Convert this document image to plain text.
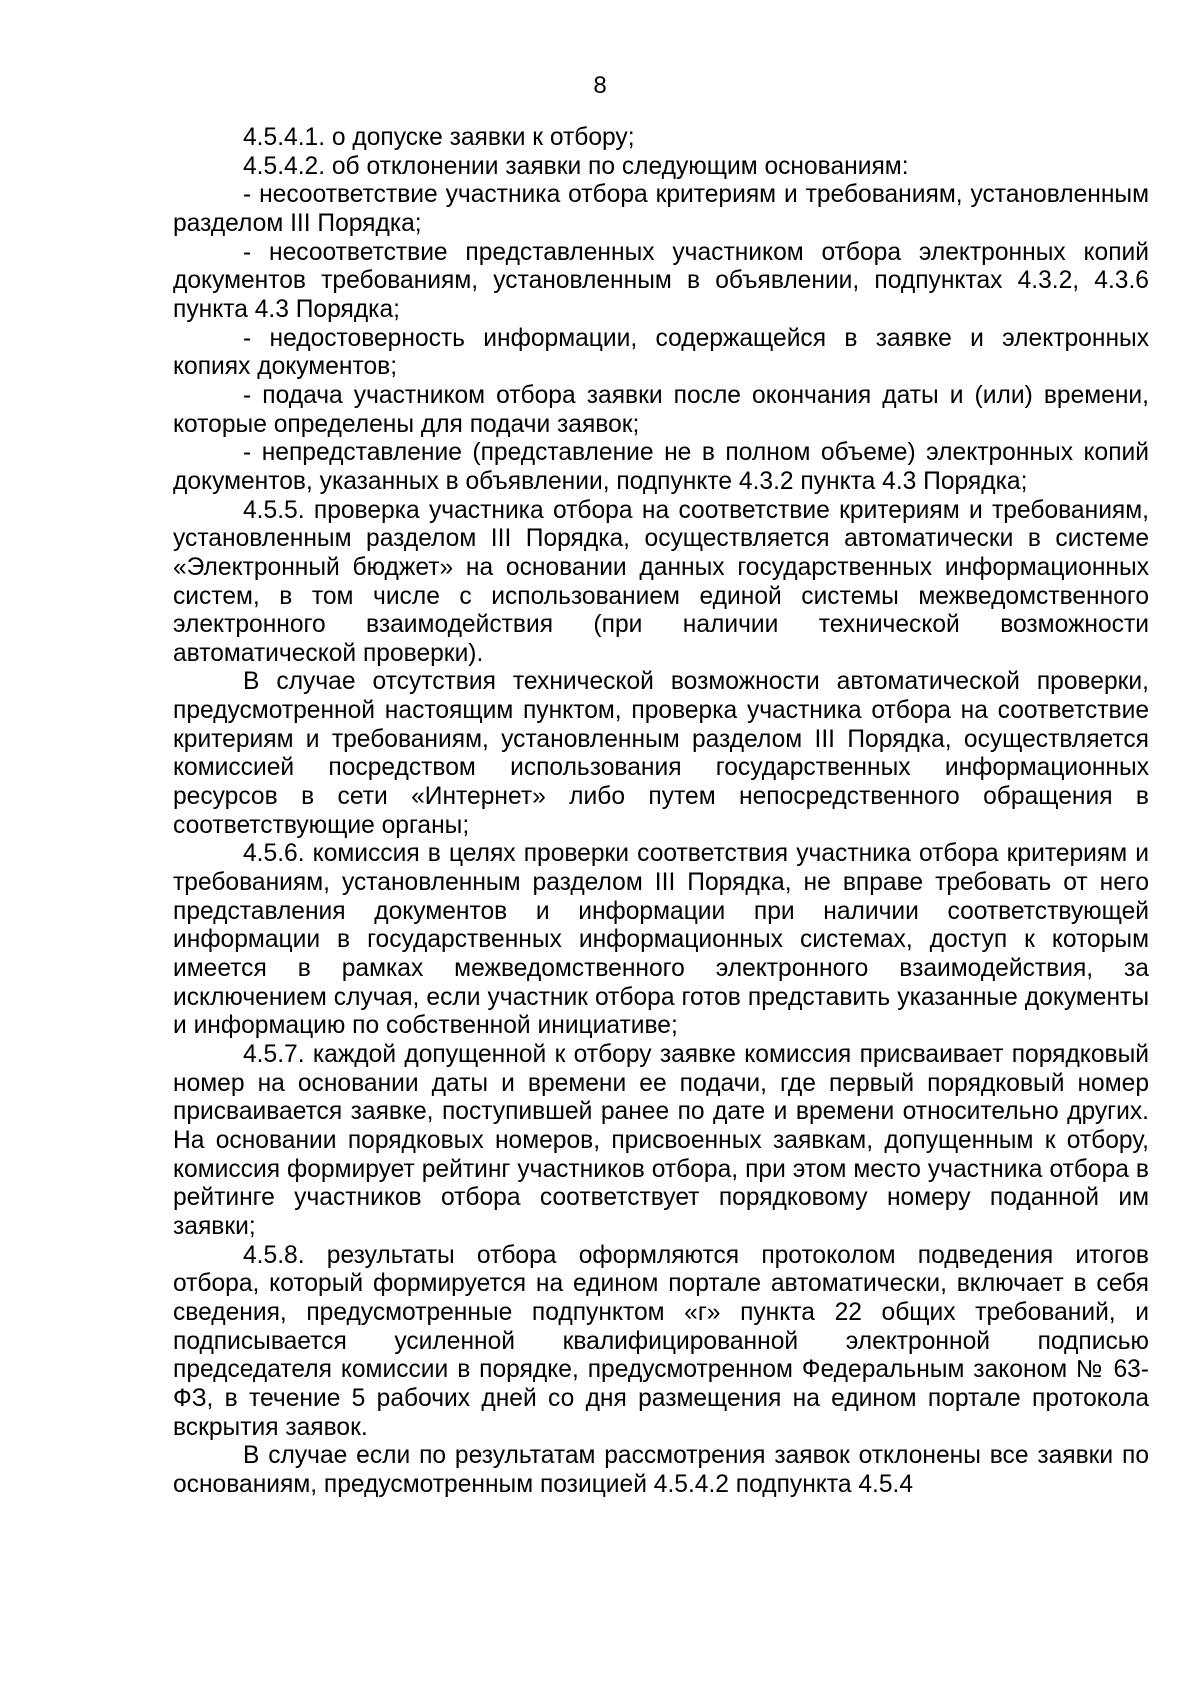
8

4.5.4.1. о допуске заявки к отбору;

4.5.4.2. об отклонении заявки по следующим основаниям:

- несоответствие участника отбора критериям и требованиям, установленным разделом III Порядка;

- несоответствие представленных участником отбора электронных копий документов требованиям, установленным в объявлении, подпунктах 4.3.2, 4.3.6 пункта 4.3 Порядка;

- недостоверность информации, содержащейся в заявке и электронных копиях документов;

- подача участником отбора заявки после окончания даты и (или) времени, которые определены для подачи заявок;

- непредставление (представление не в полном объеме) электронных копий документов, указанных в объявлении, подпункте 4.3.2 пункта 4.3 Порядка;

4.5.5. проверка участника отбора на соответствие критериям и требованиям, установленным разделом III Порядка, осуществляется автоматически в системе «Электронный бюджет» на основании данных государственных информационных систем, в том числе с использованием единой системы межведомственного электронного взаимодействия (при наличии технической возможности автоматической проверки).

В случае отсутствия технической возможности автоматической проверки, предусмотренной настоящим пунктом, проверка участника отбора на соответствие критериям и требованиям, установленным разделом III Порядка, осуществляется комиссией посредством использования государственных информационных ресурсов в сети «Интернет» либо путем непосредственного обращения в соответствующие органы;

4.5.6. комиссия в целях проверки соответствия участника отбора критериям и требованиям, установленным разделом III Порядка, не вправе требовать от него представления документов и информации при наличии соответствующей информации в государственных информационных системах, доступ к которым имеется в рамках межведомственного электронного взаимодействия, за исключением случая, если участник отбора готов представить указанные документы и информацию по собственной инициативе;

4.5.7. каждой допущенной к отбору заявке комиссия присваивает порядковый номер на основании даты и времени ее подачи, где первый порядковый номер присваивается заявке, поступившей ранее по дате и времени относительно других. На основании порядковых номеров, присвоенных заявкам, допущенным к отбору, комиссия формирует рейтинг участников отбора, при этом место участника отбора в рейтинге участников отбора соответствует порядковому номеру поданной им заявки;

4.5.8. результаты отбора оформляются протоколом подведения итогов отбора, который формируется на едином портале автоматически, включает в себя сведения, предусмотренные подпунктом «г» пункта 22 общих требований, и подписывается усиленной квалифицированной электронной подписью председателя комиссии в порядке, предусмотренном Федеральным законом № 63-ФЗ, в течение 5 рабочих дней со дня размещения на едином портале протокола вскрытия заявок.

В случае если по результатам рассмотрения заявок отклонены все заявки по основаниям, предусмотренным позицией 4.5.4.2 подпункта 4.5.4
